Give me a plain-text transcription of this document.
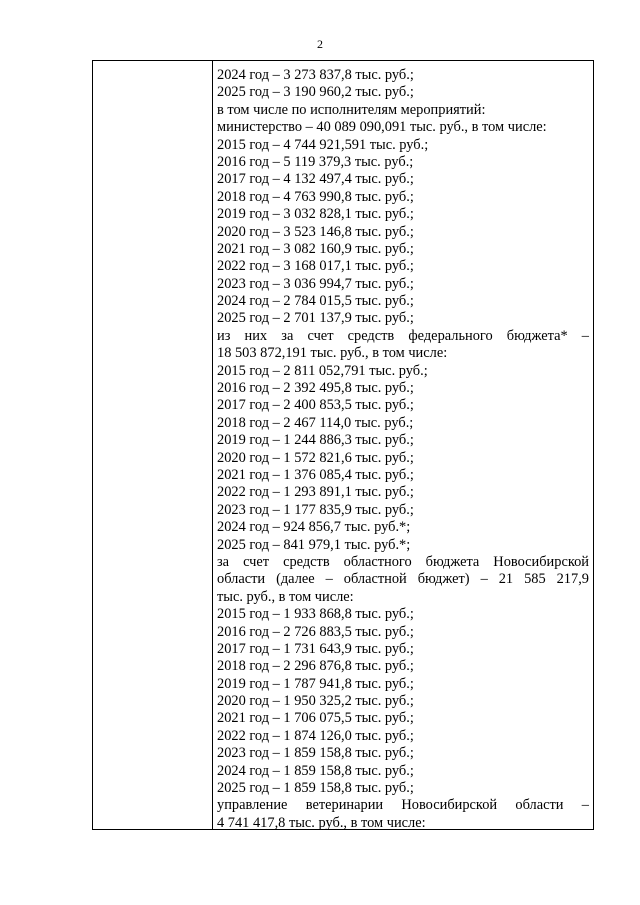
2
2024 год – 3 273 837,8 тыс. руб.;
2025 год – 3 190 960,2 тыс. руб.;
в том числе по исполнителям мероприятий:
министерство – 40 089 090,091 тыс. руб., в том числе:
2015 год – 4 744 921,591 тыс. руб.;
2016 год – 5 119 379,3 тыс. руб.;
2017 год – 4 132 497,4 тыс. руб.;
2018 год – 4 763 990,8 тыс. руб.;
2019 год – 3 032 828,1 тыс. руб.;
2020 год – 3 523 146,8 тыс. руб.;
2021 год – 3 082 160,9 тыс. руб.;
2022 год – 3 168 017,1 тыс. руб.;
2023 год – 3 036 994,7 тыс. руб.;
2024 год – 2 784 015,5 тыс. руб.;
2025 год – 2 701 137,9 тыс. руб.;
из них за счет средств федерального бюджета* –
18 503 872,191 тыс. руб., в том числе:
2015 год – 2 811 052,791 тыс. руб.;
2016 год – 2 392 495,8 тыс. руб.;
2017 год – 2 400 853,5 тыс. руб.;
2018 год – 2 467 114,0 тыс. руб.;
2019 год – 1 244 886,3 тыс. руб.;
2020 год – 1 572 821,6 тыс. руб.;
2021 год – 1 376 085,4 тыс. руб.;
2022 год – 1 293 891,1 тыс. руб.;
2023 год – 1 177 835,9 тыс. руб.;
2024 год – 924 856,7 тыс. руб.*;
2025 год – 841 979,1 тыс. руб.*;
за счет средств областного бюджета Новосибирской
области (далее – областной бюджет) – 21 585 217,9
тыс. руб., в том числе:
2015 год – 1 933 868,8 тыс. руб.;
2016 год – 2 726 883,5 тыс. руб.;
2017 год – 1 731 643,9 тыс. руб.;
2018 год – 2 296 876,8 тыс. руб.;
2019 год – 1 787 941,8 тыс. руб.;
2020 год – 1 950 325,2 тыс. руб.;
2021 год – 1 706 075,5 тыс. руб.;
2022 год – 1 874 126,0 тыс. руб.;
2023 год – 1 859 158,8 тыс. руб.;
2024 год – 1 859 158,8 тыс. руб.;
2025 год – 1 859 158,8 тыс. руб.;
управление ветеринарии Новосибирской области –
4 741 417,8 тыс. руб., в том числе:
